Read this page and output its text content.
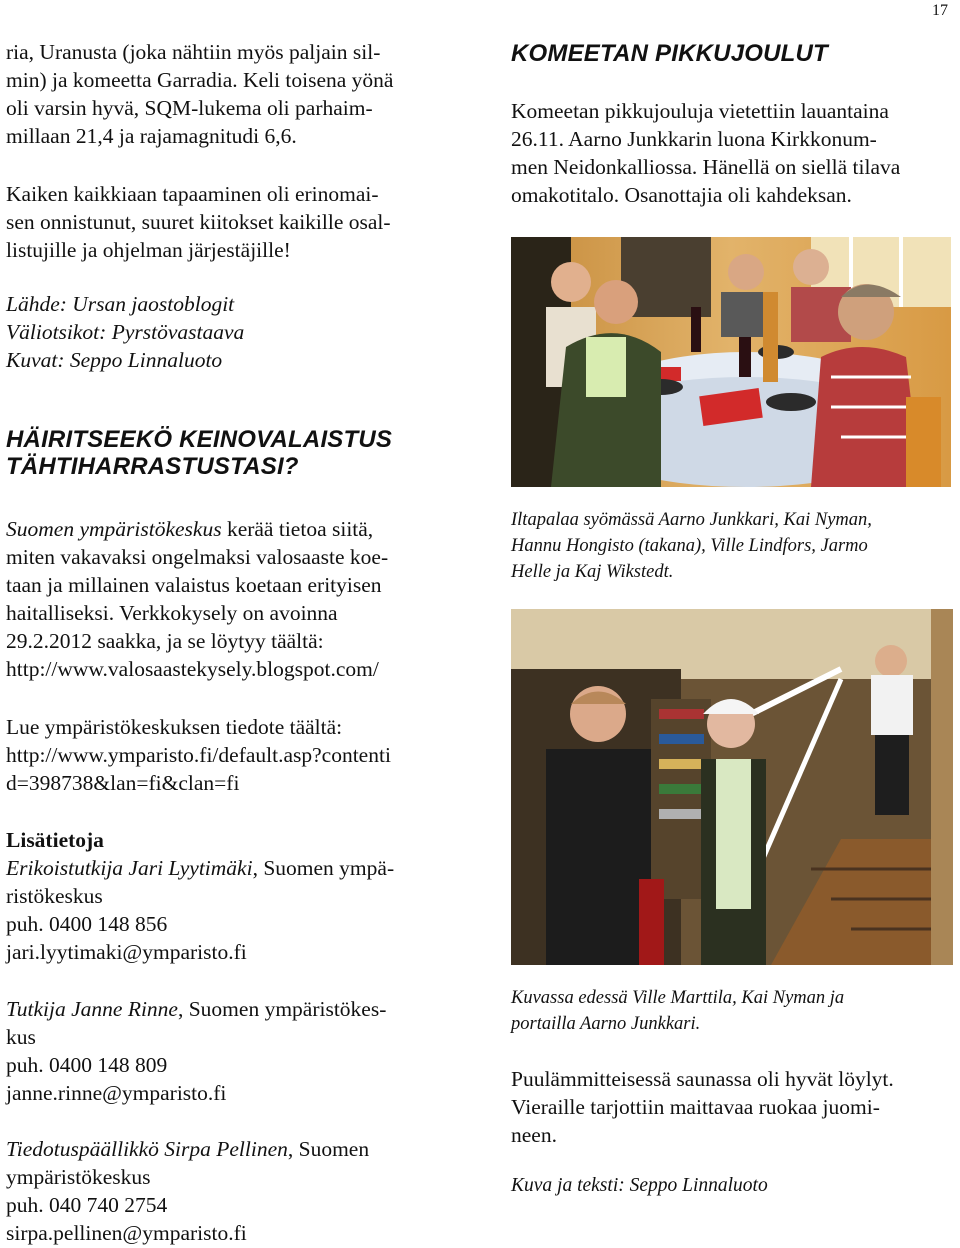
17
ria, Uranusta (joka nähtiin myös paljain sil-
min) ja komeetta Garradia. Keli toisena yönä
oli varsin hyvä, SQM-lukema oli parhaim-
millaan 21,4 ja rajamagnitudi 6,6.
Kaiken kaikkiaan tapaaminen oli erinomai-
sen onnistunut, suuret kiitokset kaikille osal-
listujille ja ohjelman järjestäjille!
Lähde: Ursan jaostoblogit
Väliotsikot: Pyrstövastaava
Kuvat: Seppo Linnaluoto
HÄIRITSEEKÖ KEINOVALAISTUS
TÄHTIHARRASTUSTASI?
Suomen ympäristökeskus kerää tietoa siitä,
miten vakavaksi ongelmaksi valosaaste koe-
taan ja millainen valaistus koetaan erityisen
haitalliseksi. Verkkokysely on avoinna
29.2.2012 saakka, ja se löytyy täältä:
http://www.valosaastekysely.blogspot.com/
Lue ympäristökeskuksen tiedote täältä:
http://www.ymparisto.fi/default.asp?contenti
d=398738&lan=fi&clan=fi
Lisätietoja
Erikoistutkija Jari Lyytimäki, Suomen ympä-
ristökeskus
puh. 0400 148 856
jari.lyytimaki@ymparisto.fi
Tutkija Janne Rinne, Suomen ympäristökes-
kus
puh. 0400 148 809
janne.rinne@ymparisto.fi
Tiedotuspäällikkö Sirpa Pellinen, Suomen
ympäristökeskus
puh. 040 740 2754
sirpa.pellinen@ymparisto.fi
KOMEETAN PIKKUJOULUT
Komeetan pikkujouluja vietettiin lauantaina
26.11. Aarno Junkkarin luona Kirkkonum-
men Neidonkalliossa. Hänellä on siellä tilava
omakotitalo. Osanottajia oli kahdeksan.
Iltapalaa syömässä Aarno Junkkari, Kai Nyman,
Hannu Hongisto (takana), Ville Lindfors, Jarmo
Helle ja Kaj Wikstedt.
Kuvassa edessä Ville Marttila, Kai Nyman ja
portailla Aarno Junkkari.
Puulämmitteisessä saunassa oli hyvät löylyt.
Vieraille tarjottiin maittavaa ruokaa juomi-
neen.
Kuva ja teksti: Seppo Linnaluoto
